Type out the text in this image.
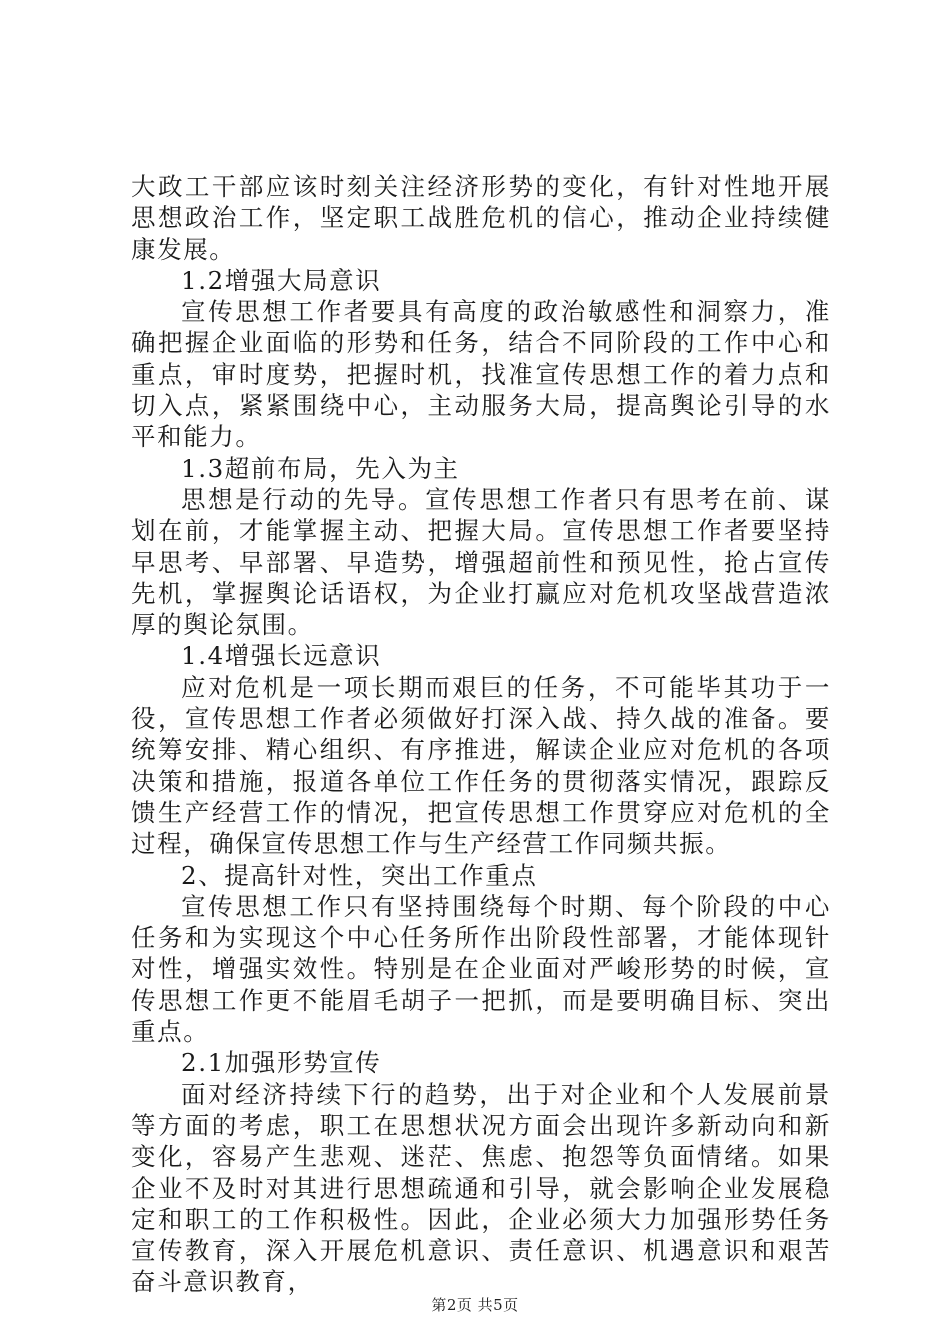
大政工干部应该时刻关注经济形势的变化，有针对性地开展思想政治工作，坚定职工战胜危机的信心，推动企业持续健康发展。

1.2增强大局意识

宣传思想工作者要具有高度的政治敏感性和洞察力，准确把握企业面临的形势和任务，结合不同阶段的工作中心和重点，审时度势，把握时机，找准宣传思想工作的着力点和切入点，紧紧围绕中心，主动服务大局，提高舆论引导的水平和能力。

1.3超前布局，先入为主

思想是行动的先导。宣传思想工作者只有思考在前、谋划在前，才能掌握主动、把握大局。宣传思想工作者要坚持早思考、早部署、早造势，增强超前性和预见性，抢占宣传先机，掌握舆论话语权，为企业打赢应对危机攻坚战营造浓厚的舆论氛围。

1.4增强长远意识

应对危机是一项长期而艰巨的任务，不可能毕其功于一役，宣传思想工作者必须做好打深入战、持久战的准备。要统筹安排、精心组织、有序推进，解读企业应对危机的各项决策和措施，报道各单位工作任务的贯彻落实情况，跟踪反馈生产经营工作的情况，把宣传思想工作贯穿应对危机的全过程，确保宣传思想工作与生产经营工作同频共振。

2、提高针对性，突出工作重点

宣传思想工作只有坚持围绕每个时期、每个阶段的中心任务和为实现这个中心任务所作出阶段性部署，才能体现针对性，增强实效性。特别是在企业面对严峻形势的时候，宣传思想工作更不能眉毛胡子一把抓，而是要明确目标、突出重点。

2.1加强形势宣传

面对经济持续下行的趋势，出于对企业和个人发展前景等方面的考虑，职工在思想状况方面会出现许多新动向和新变化，容易产生悲观、迷茫、焦虑、抱怨等负面情绪。如果企业不及时对其进行思想疏通和引导，就会影响企业发展稳定和职工的工作积极性。因此，企业必须大力加强形势任务宣传教育，深入开展危机意识、责任意识、机遇意识和艰苦奋斗意识教育，

第2页 共5页
